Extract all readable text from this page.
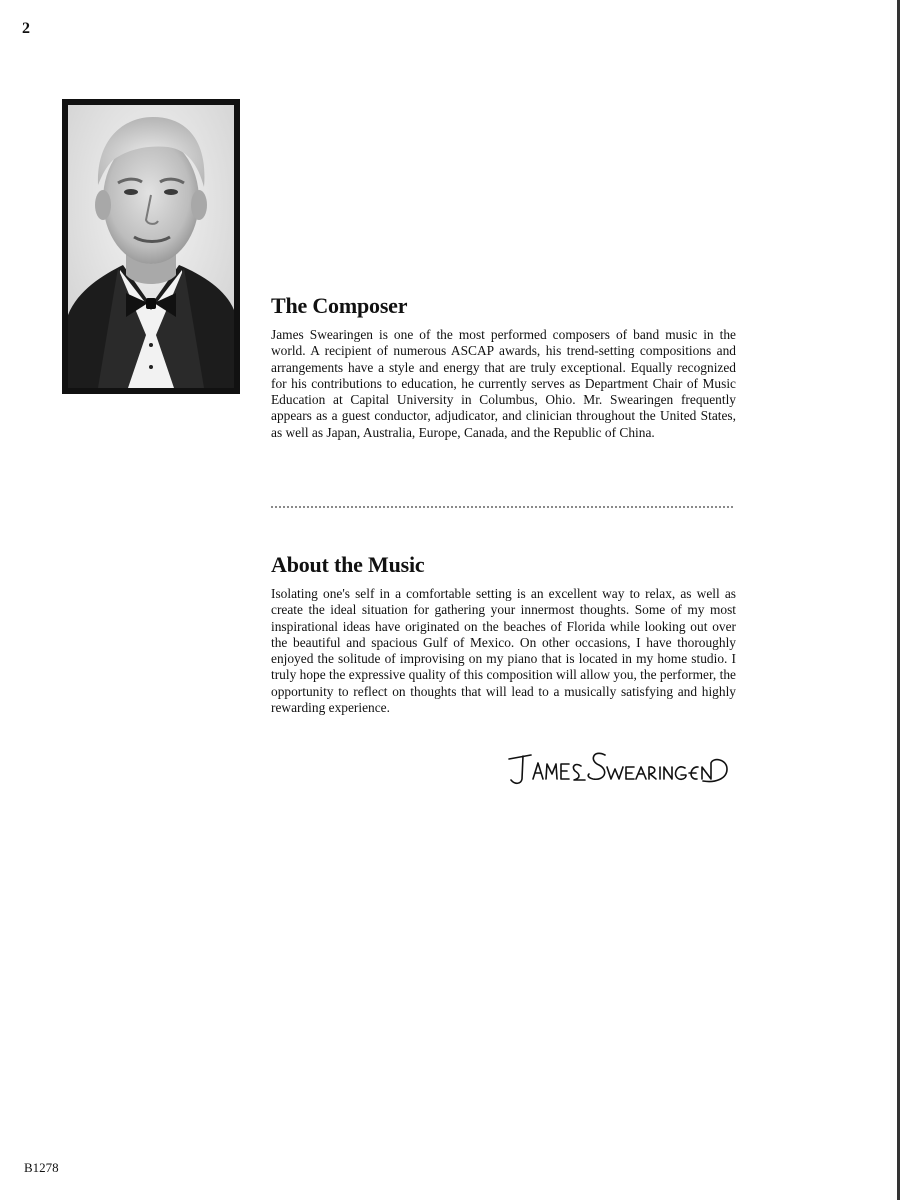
2
The Composer

James Swearingen is one of the most performed composers of band music in the world. A recipient of numerous ASCAP awards, his trend-setting compositions and arrangements have a style and energy that are truly exceptional. Equally recognized for his contributions to education, he currently serves as Department Chair of Music Education at Capital University in Columbus, Ohio. Mr. Swearingen frequently appears as a guest conductor, adjudicator, and clinician throughout the United States, as well as Japan, Australia, Europe, Canada, and the Republic of China.

About the Music

Isolating one's self in a comfortable setting is an excellent way to relax, as well as create the ideal situation for gathering your innermost thoughts. Some of my most inspirational ideas have originated on the beaches of Florida while looking out over the beautiful and spacious Gulf of Mexico. On other occasions, I have thoroughly enjoyed the solitude of improvising on my piano that is located in my home studio. I truly hope the expressive quality of this composition will allow you, the performer, the opportunity to reflect on thoughts that will lead to a musically satisfying and highly rewarding experience.

B1278
